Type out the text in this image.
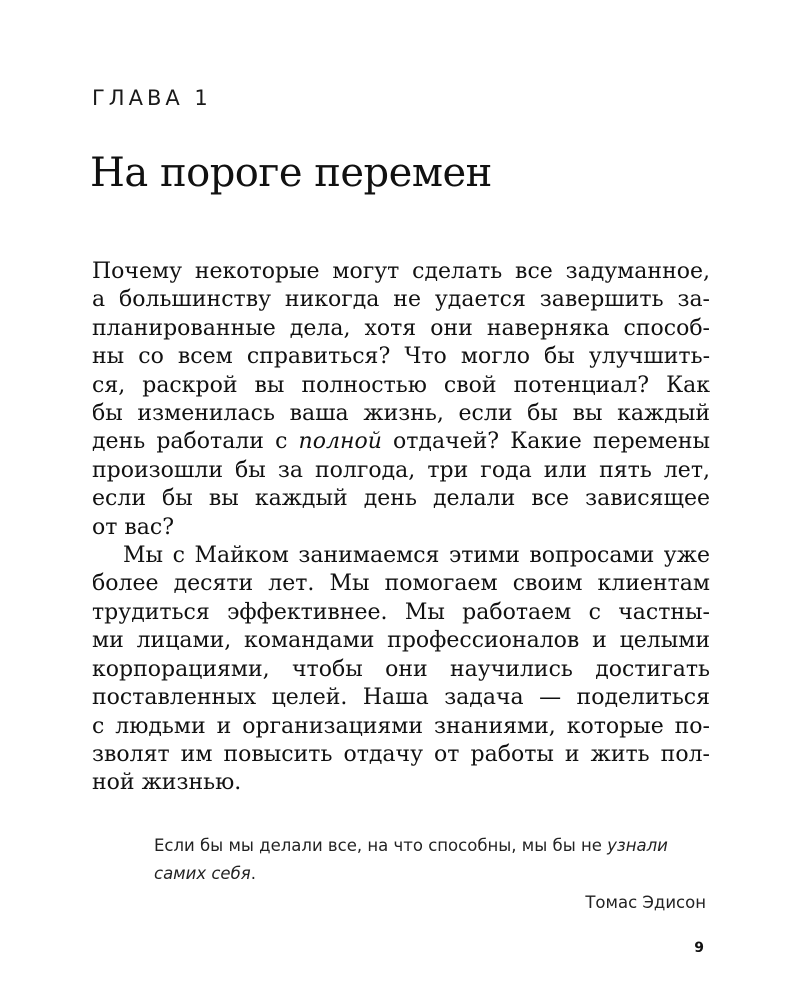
ГЛАВА 1
На пороге перемен

Почему некоторые могут сделать все задуманное,
а большинству никогда не удается завершить за-
планированные дела, хотя они наверняка способ-
ны со всем справиться? Что могло бы улучшить-
ся, раскрой вы полностью свой потенциал? Как
бы изменилась ваша жизнь, если бы вы каждый
день работали с полной отдачей? Какие перемены
произошли бы за полгода, три года или пять лет,
если бы вы каждый день делали все зависящее
от вас?

Мы с Майком занимаемся этими вопросами уже
более десяти лет. Мы помогаем своим клиентам
трудиться эффективнее. Мы работаем с частны-
ми лицами, командами профессионалов и целыми
корпорациями, чтобы они научились достигать
поставленных целей. Наша задача — поделиться
с людьми и организациями знаниями, которые по-
зволят им повысить отдачу от работы и жить пол-
ной жизнью.

Если бы мы делали все, на что способны, мы бы не узнали
самих себя.
Томас Эдисон
9
